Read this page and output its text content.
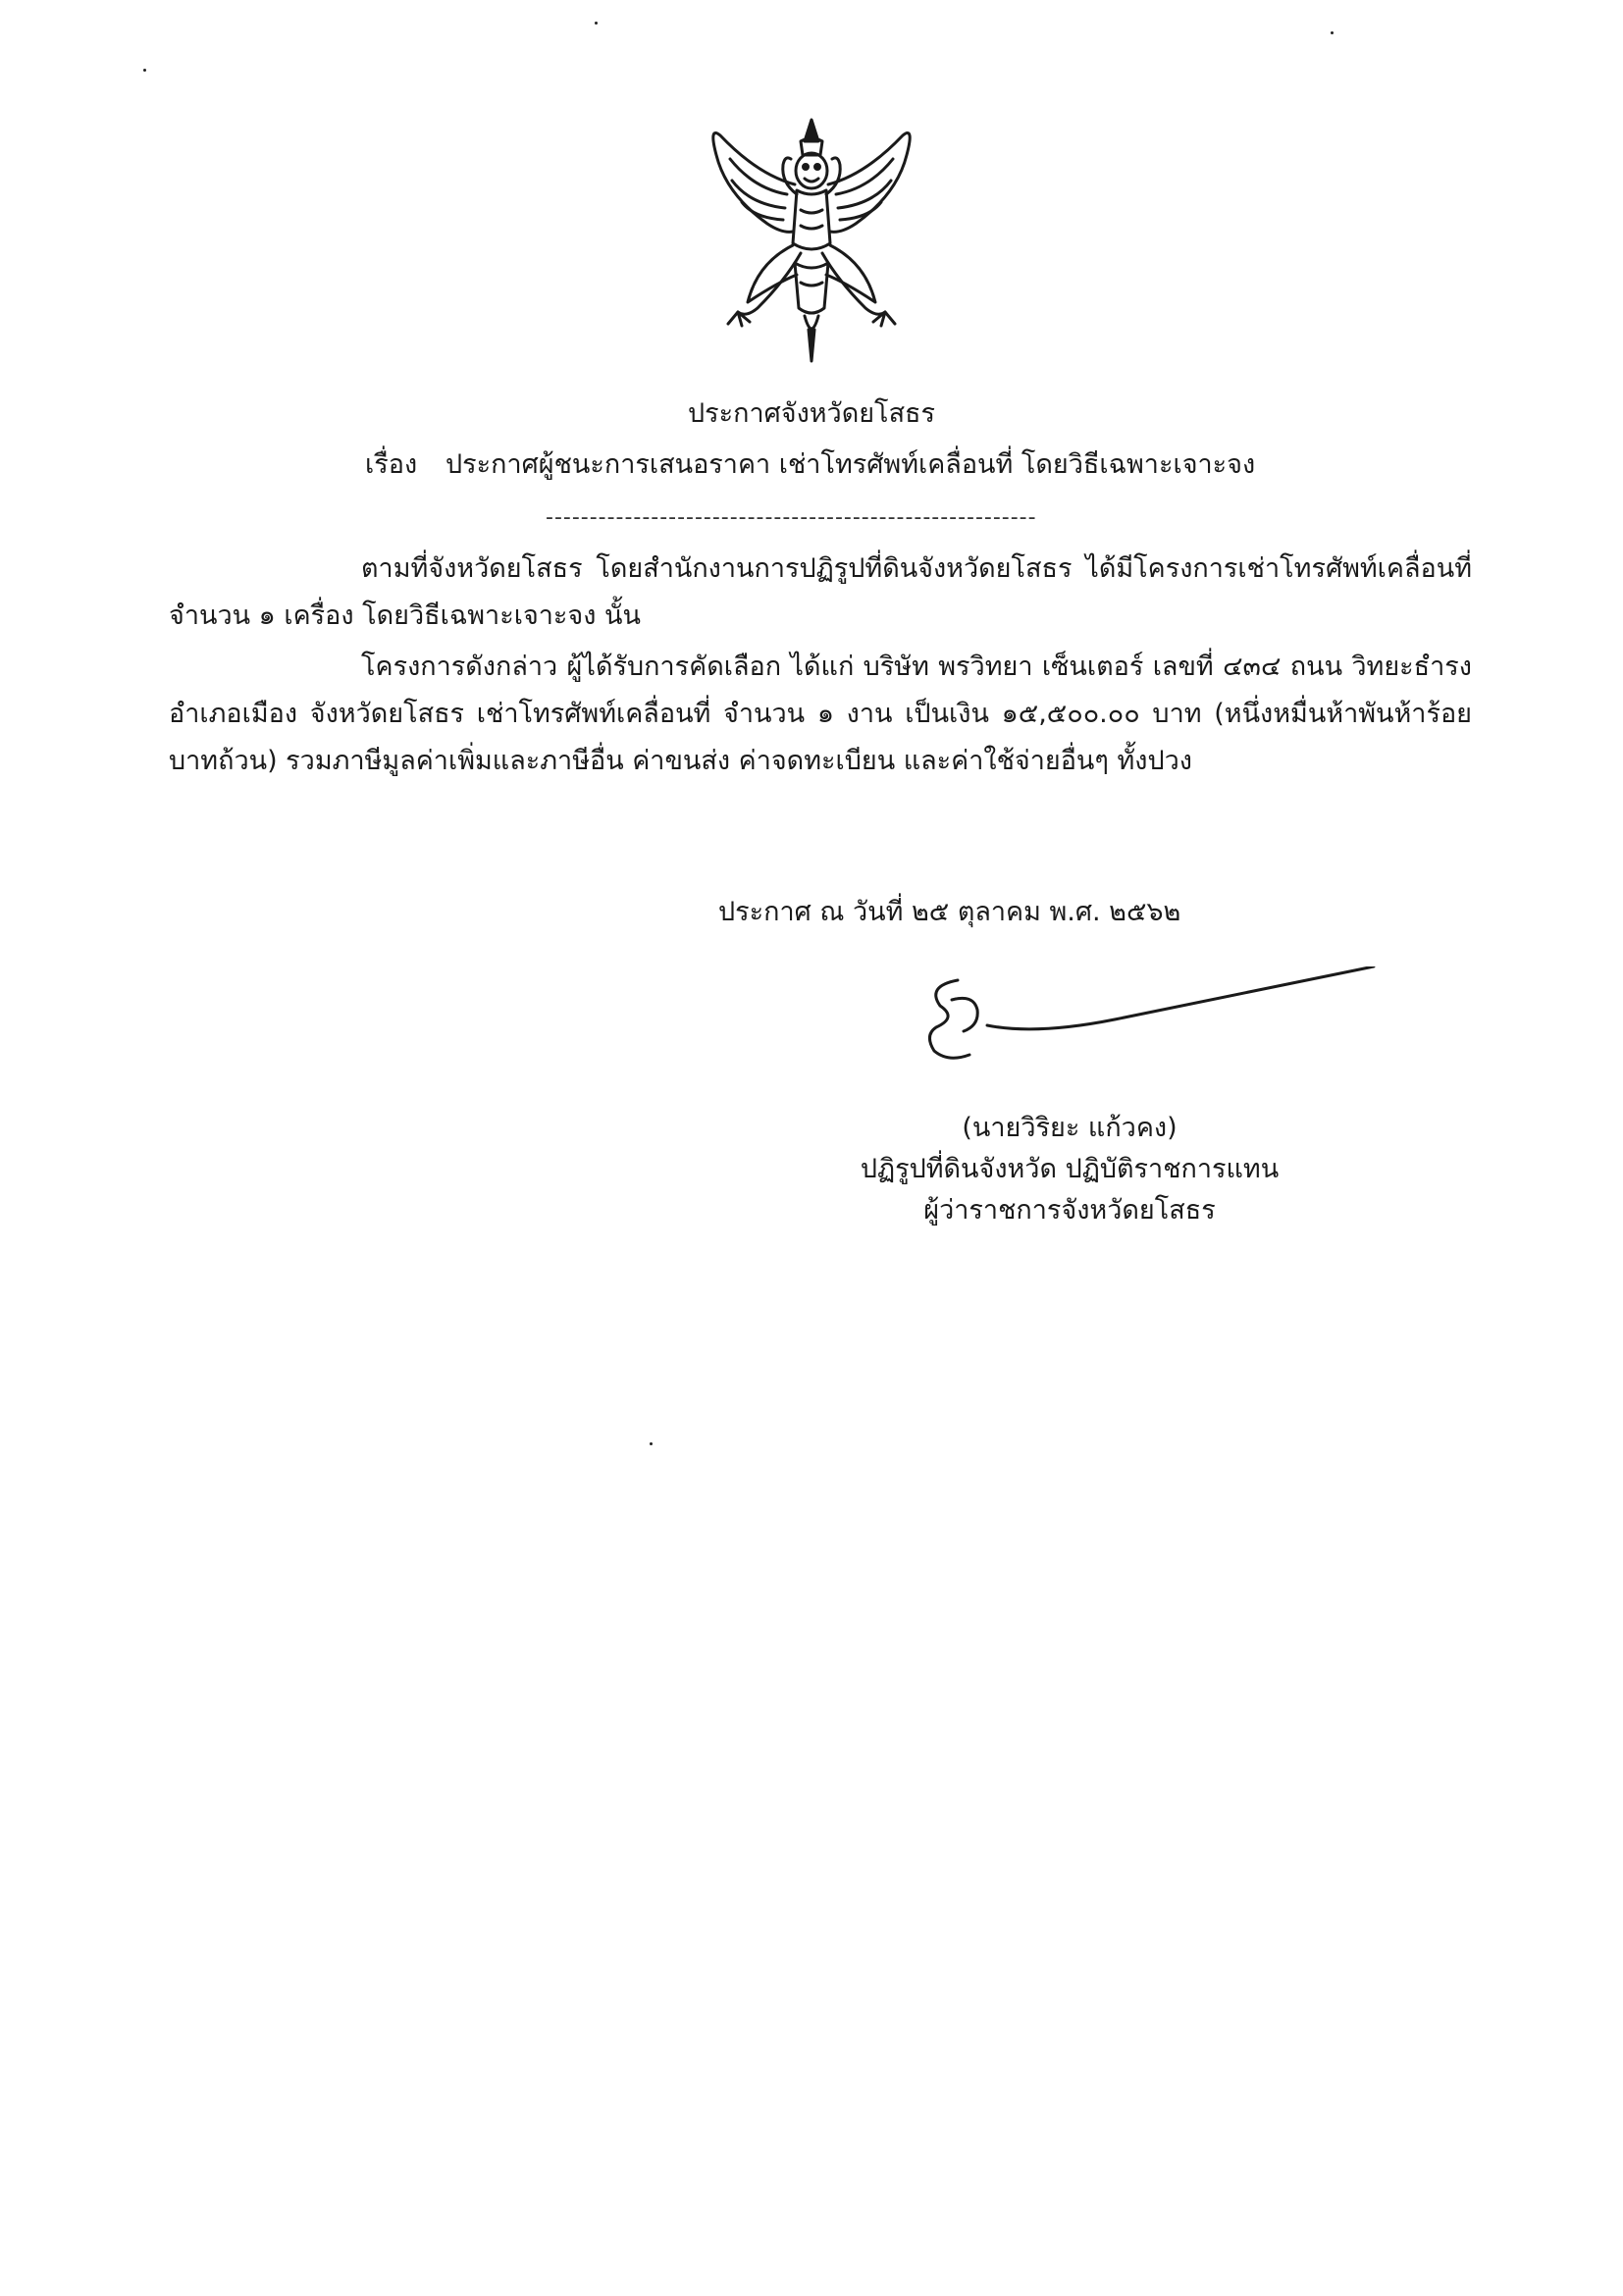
ประกาศจังหวัดยโสธร
เรื่อง ประกาศผู้ชนะการเสนอราคา เช่าโทรศัพท์เคลื่อนที่ โดยวิธีเฉพาะเจาะจง
--------------------------------------------------------
ตามที่จังหวัดยโสธร โดยสำนักงานการปฏิรูปที่ดินจังหวัดยโสธร ได้มีโครงการเช่าโทรศัพท์เคลื่อนที่ จำนวน ๑ เครื่อง โดยวิธีเฉพาะเจาะจง นั้น
โครงการดังกล่าว ผู้ได้รับการคัดเลือก ได้แก่ บริษัท พรวิทยา เซ็นเตอร์ เลขที่ ๔๓๔ ถนน วิทยะธำรง อำเภอเมือง จังหวัดยโสธร เช่าโทรศัพท์เคลื่อนที่ จำนวน ๑ งาน เป็นเงิน ๑๕,๕๐๐.๐๐ บาท (หนึ่งหมื่นห้าพันห้าร้อยบาทถ้วน) รวมภาษีมูลค่าเพิ่มและภาษีอื่น ค่าขนส่ง ค่าจดทะเบียน และค่าใช้จ่ายอื่นๆ ทั้งปวง
ประกาศ ณ วันที่ ๒๕ ตุลาคม พ.ศ. ๒๕๖๒
(นายวิริยะ แก้วคง)
ปฏิรูปที่ดินจังหวัด ปฏิบัติราชการแทน
ผู้ว่าราชการจังหวัดยโสธร
